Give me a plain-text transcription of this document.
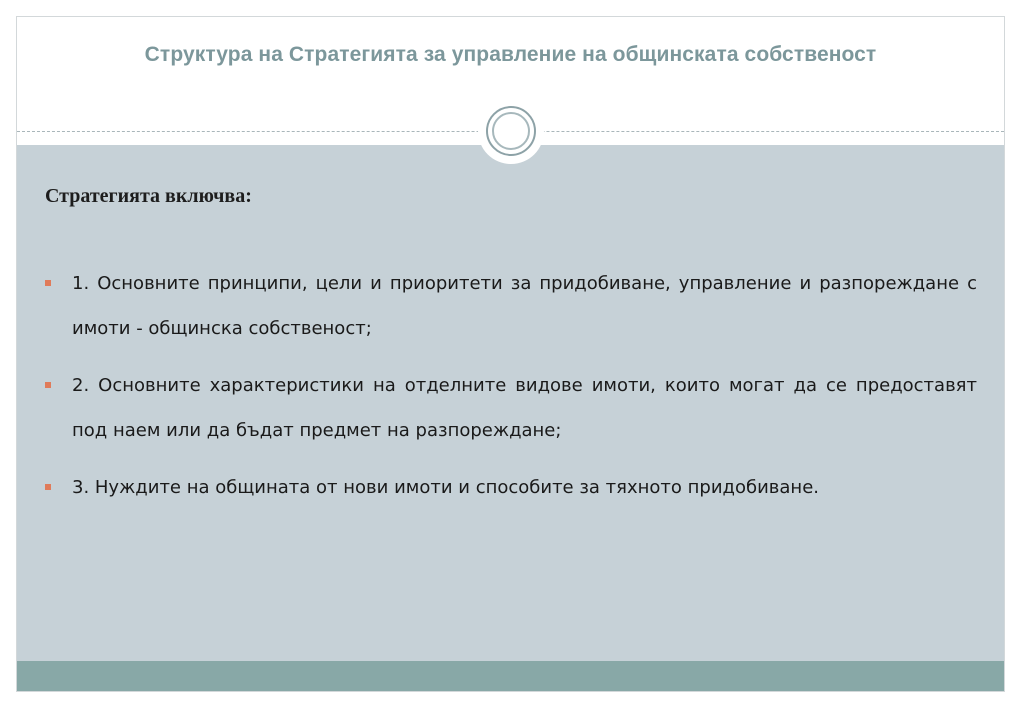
Структура на Стратегията за управление на общинската собственост
Стратегията включва:
1. Основните принципи, цели и приоритети за придобиване, управление и разпореждане с имоти - общинска собственост;
2. Основните характеристики на отделните видове имоти, които могат да се предоставят под наем или да бъдат предмет на разпореждане;
3. Нуждите на общината от нови имоти и способите за тяхното придобиване.
